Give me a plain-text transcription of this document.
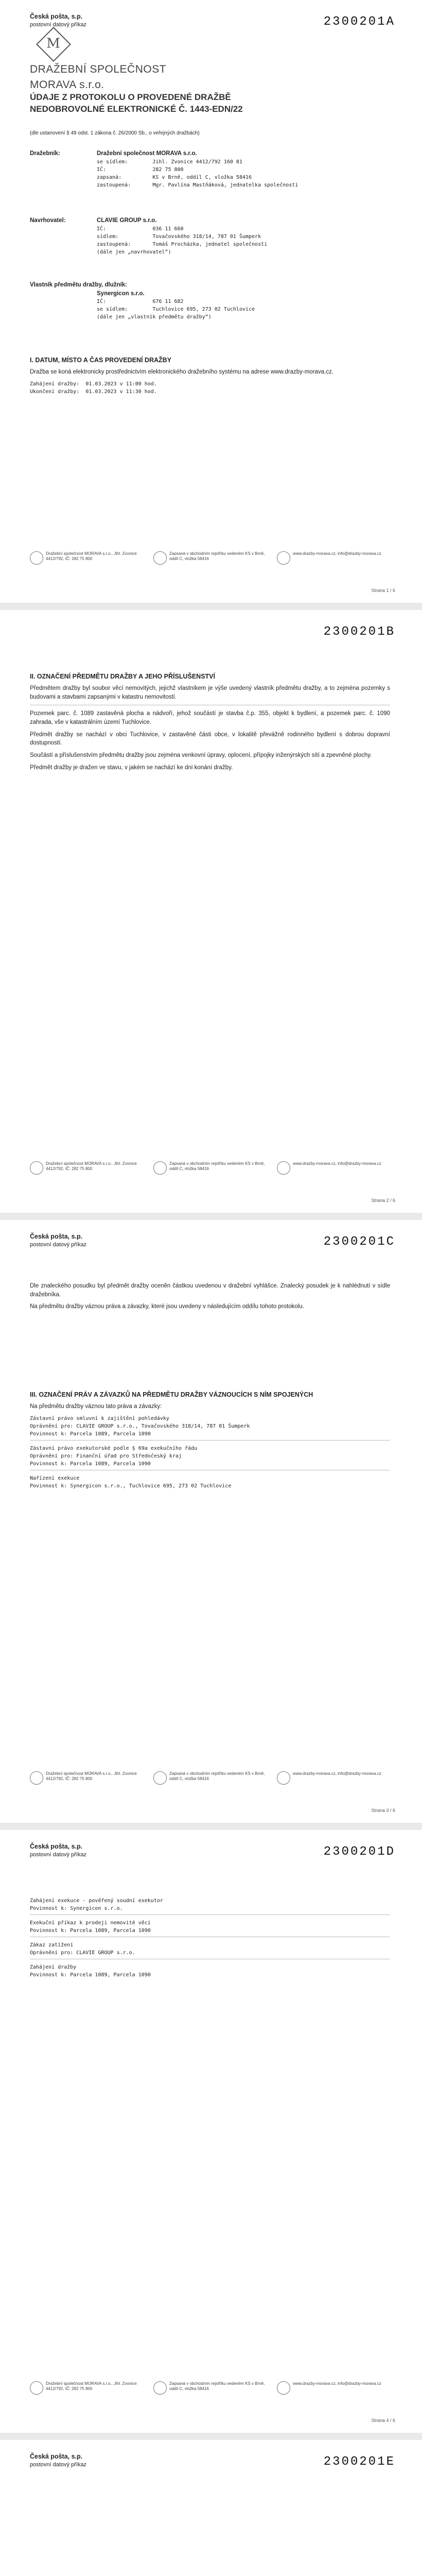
Česká pošta, s.p.
postovní datový příkaz	2300201A
M
DRAŽEBNÍ SPOLEČNOST MORAVA s.r.o.
ÚDAJE Z PROTOKOLU O PROVEDENÉ DRAŽBĚ NEDOBROVOLNÉ ELEKTRONICKÉ Č. 1443-EDN/22
(dle ustanovení § 49 odst. 1 zákona č. 26/2000 Sb., o veřejných dražbách)
Dražebník:	Dražební společnost MORAVA s.r.o.
se sídlem:        Jihl. Zvonice 4412/792 160 81
IČ:               282 75 800
zapsaná:          KS v Brně, oddíl C, vložka 58416
zastoupená:       Mgr. Pavlína Mastňáková, jednatelka společnosti
Navrhovatel:	CLAVIE GROUP s.r.o.
IČ:               036 11 660
sídlem:           Tovačovského 318/14, 787 01 Šumperk
zastoupená:       Tomáš Procházka, jednatel společnosti
(dále jen „navrhovatel“)
Vlastník předmětu dražby, dlužník:
Synergicon s.r.o.
IČ:               676 11 682
se sídlem:        Tuchlovice 695, 273 02 Tuchlovice
(dále jen „vlastník předmětu dražby“)
I. DATUM, MÍSTO A ČAS PROVEDENÍ DRAŽBY

Dražba se koná elektronicky prostřednictvím elektronického dražebního systému na adrese www.drazby-morava.cz.

Zahájení dražby:  01.03.2023 v 11:00 hod.
Ukončení dražby:  01.03.2023 v 11:30 hod.
Dražební společnost MORAVA s.r.o., Jihl. Zvonice 4412/792, IČ: 282 75 800
Zapsaná v obchodním rejstříku vedeném KS v Brně, oddíl C, vložka 58416
www.drazby-morava.cz, info@drazby-morava.cz
Strana 1 / 6
2300201B
II. OZNAČENÍ PŘEDMĚTU DRAŽBY A JEHO PŘÍSLUŠENSTVÍ

Předmětem dražby byl soubor věcí nemovitých, jejichž vlastníkem je výše uvedený vlastník předmětu dražby, a to zejména pozemky s budovami a stavbami zapsanými v katastru nemovitostí.

Pozemek parc. č. 1089 zastavěná plocha a nádvoří, jehož součástí je stavba č.p. 355, objekt k bydlení, a pozemek parc. č. 1090 zahrada, vše v katastrálním území Tuchlovice.

Předmět dražby se nachází v obci Tuchlovice, v zastavěné části obce, v lokalitě převážně rodinného bydlení s dobrou dopravní dostupností.

Součástí a příslušenstvím předmětu dražby jsou zejména venkovní úpravy, oplocení, přípojky inženýrských sítí a zpevněné plochy.

Předmět dražby je dražen ve stavu, v jakém se nachází ke dni konání dražby.

Dražební společnost MORAVA s.r.o., Jihl. Zvonice 4412/792, IČ: 282 75 800
Zapsaná v obchodním rejstříku vedeném KS v Brně, oddíl C, vložka 58416
www.drazby-morava.cz, info@drazby-morava.cz
Strana 2 / 6
Česká pošta, s.p.
postovní datový příkaz	2300201C

Dle znaleckého posudku byl předmět dražby oceněn částkou uvedenou v dražební vyhlášce. Znalecký posudek je k nahlédnutí v sídle dražebníka.

Na předmětu dražby váznou práva a závazky, které jsou uvedeny v následujícím oddílu tohoto protokolu.

III. OZNAČENÍ PRÁV A ZÁVAZKŮ NA PŘEDMĚTU DRAŽBY VÁZNOUCÍCH S NÍM SPOJENÝCH

Na předmětu dražby váznou tato práva a závazky:

Zástavní právo smluvní k zajištění pohledávky
Oprávnění pro: CLAVIE GROUP s.r.o., Tovačovského 318/14, 787 01 Šumperk
Povinnost k: Parcela 1089, Parcela 1090
Zástavní právo exekutorské podle § 69a exekučního řádu
Oprávnění pro: Finanční úřad pro Středočeský kraj
Povinnost k: Parcela 1089, Parcela 1090
Nařízení exekuce
Povinnost k: Synergicon s.r.o., Tuchlovice 695, 273 02 Tuchlovice
Dražební společnost MORAVA s.r.o., Jihl. Zvonice 4412/792, IČ: 282 75 800
Zapsaná v obchodním rejstříku vedeném KS v Brně, oddíl C, vložka 58416
www.drazby-morava.cz, info@drazby-morava.cz
Strana 3 / 6
Česká pošta, s.p.
postovní datový příkaz	2300201D
Zahájení exekuce - pověřený soudní exekutor
Povinnost k: Synergicon s.r.o.
Exekuční příkaz k prodeji nemovité věci
Povinnost k: Parcela 1089, Parcela 1090
Zákaz zatížení
Oprávnění pro: CLAVIE GROUP s.r.o.
Zahájení dražby
Povinnost k: Parcela 1089, Parcela 1090
Dražební společnost MORAVA s.r.o., Jihl. Zvonice 4412/792, IČ: 282 75 800
Zapsaná v obchodním rejstříku vedeném KS v Brně, oddíl C, vložka 58416
www.drazby-morava.cz, info@drazby-morava.cz
Strana 4 / 6
Česká pošta, s.p.
postovní datový příkaz	2300201E
